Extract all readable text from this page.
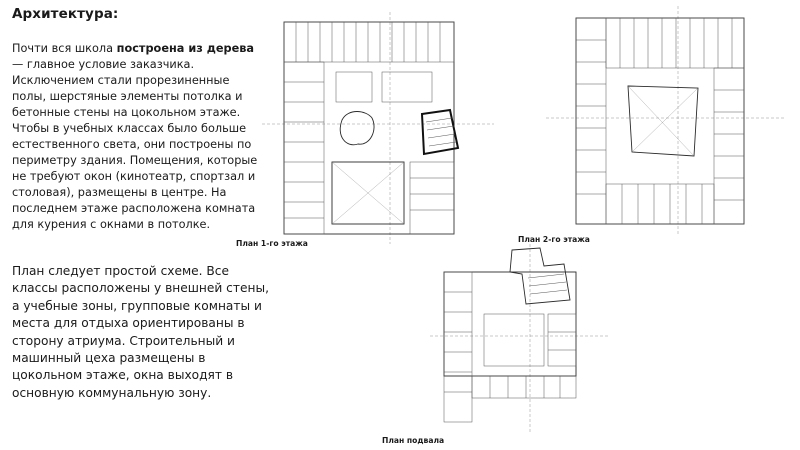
Архитектура:

Почти вся школа построена из дерева — главное условие заказчика. Исключением стали прорезиненные полы, шерстяные элементы потолка и бетонные стены на цокольном этаже.

Чтобы в учебных классах было больше естественного света, они построены по периметру здания. Помещения, которые не требуют окон (кинотеатр, спортзал и столовая), размещены в центре. На последнем этаже расположена комната для курения с окнами в потолке.

План следует простой схеме. Все классы расположены у внешней стены, а учебные зоны, групповые комнаты и места для отдыха ориентированы в сторону атриума. Строительный и машинный цеха размещены в цокольном этаже, окна выходят в основную коммунальную зону.
План 1-го этажа	План 2-го этажа
План подвала
